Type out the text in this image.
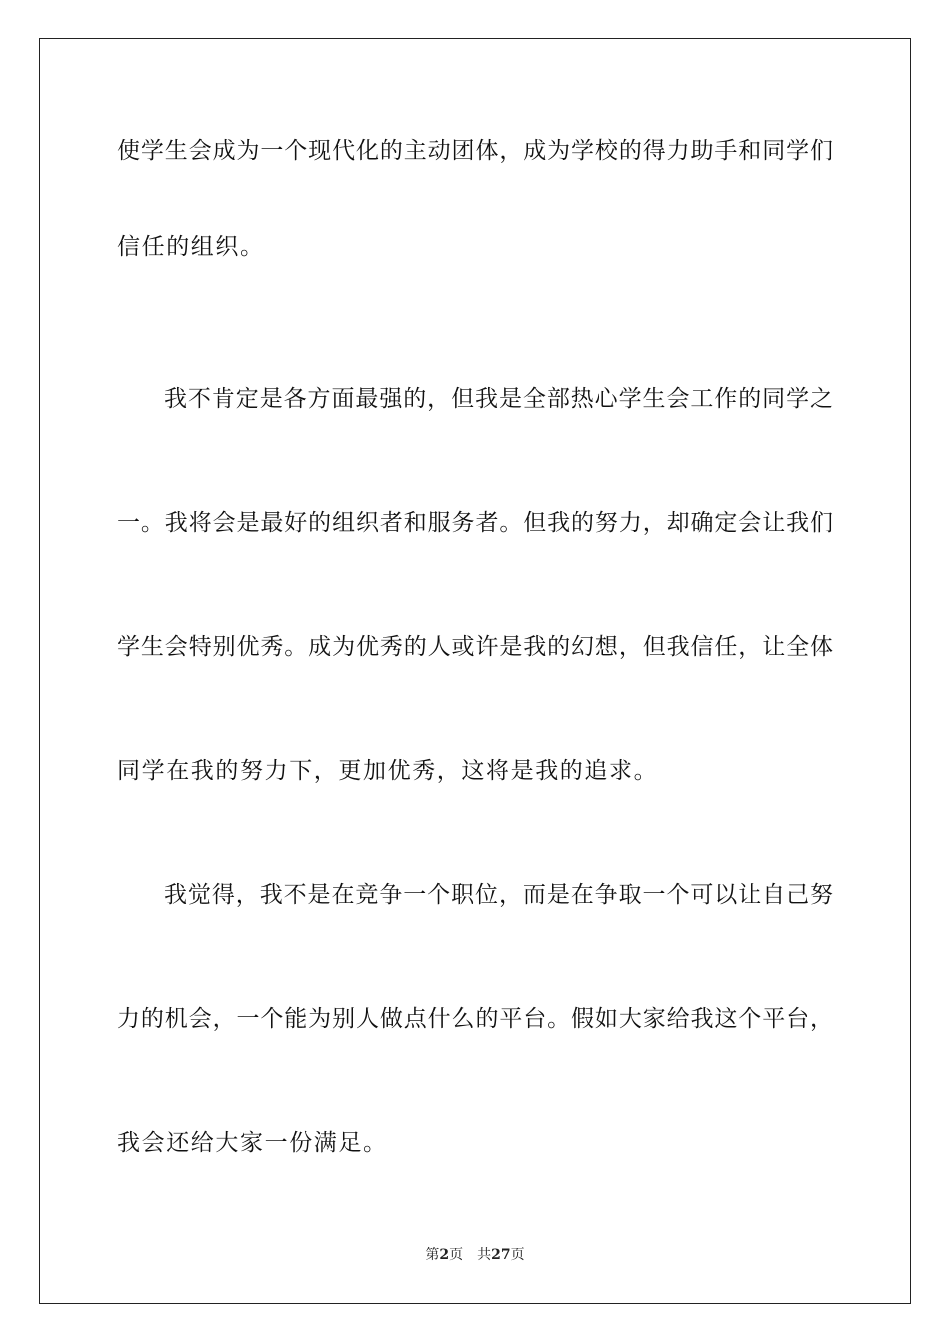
使学生会成为一个现代化的主动团体，成为学校的得力助手和同学们
信任的组织。
我不肯定是各方面最强的，但我是全部热心学生会工作的同学之
一。我将会是最好的组织者和服务者。但我的努力，却确定会让我们
学生会特别优秀。成为优秀的人或许是我的幻想，但我信任，让全体
同学在我的努力下，更加优秀，这将是我的追求。
我觉得，我不是在竞争一个职位，而是在争取一个可以让自己努
力的机会，一个能为别人做点什么的平台。假如大家给我这个平台，
我会还给大家一份满足。
第2页 共27页
